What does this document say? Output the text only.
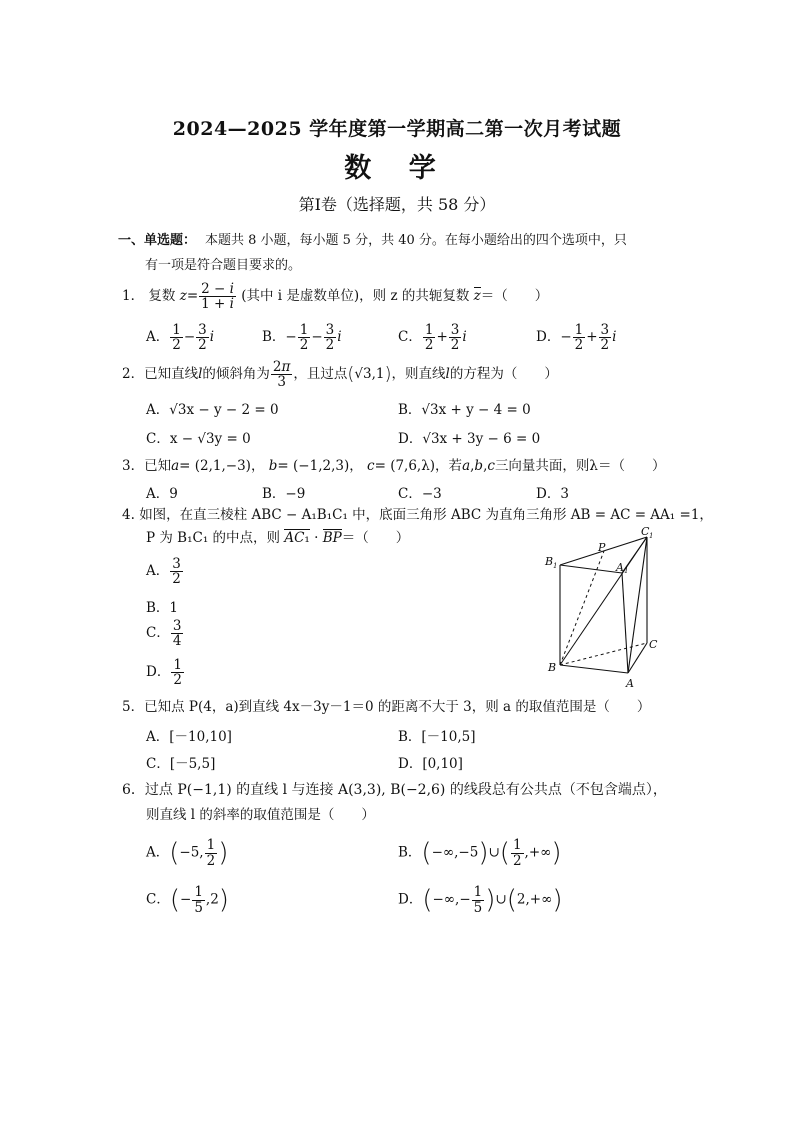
2024—2025 学年度第一学期高二第一次月考试题
数 学
第Ⅰ卷（选择题，共 58 分）
一、单选题： 本题共 8 小题，每小题 5 分，共 40 分。在每小题给出的四个选项中，只
有一项是符合题目要求的。
1． 复数 $z= \frac{2 - i}{1 + i}$ (其中 i 是虚数单位)，则 z 的共轭复数 z＝（　　）
A． $\frac{1}{2} - \frac{3}{2}$ i	B．− $\frac{1}{2} - \frac{3}{2}$ i	C． $\frac{1}{2} + \frac{3}{2}$ i	D．− $\frac{1}{2} + \frac{3}{2}$ i
2．已知直线l的倾斜角为 $\frac{2\pi}{3}$ ，且过点(√3,1)，则直线l的方程为（　　）
A．√3x − y − 2 = 0	B．√3x + y − 4 = 0
C．x − √3y = 0	D．√3x + 3y − 6 = 0
3．已知a= (2,1,−3)， b= (−1,2,3)， c= (7,6,λ)，若a,b,c三向量共面，则λ＝（　　）
A．9	B．−9	C．−3	D．3
4. 如图，在直三棱柱 ABC − A₁B₁C₁ 中，底面三角形 ABC 为直角三角形 AB = AC = AA₁ =1，
P 为 B₁C₁ 的中点，则 AC₁ · BP＝（　　）
A． $\frac{3}{2}$
B．1
C． $\frac{3}{4}$
D． $\frac{1}{2}$
B 1
P
C 1
A 1
B
C
A
5．已知点 P(4，a)到直线 4x－3y－1＝0 的距离不大于 3，则 a 的取值范围是（　　）
A．[－10,10]	B．[－10,5]
C．[－5,5]	D．[0,10]
6．过点 P(−1,1) 的直线 l 与连接 A(3,3), B(−2,6) 的线段总有公共点（不包含端点），
则直线 l 的斜率的取值范围是（　　）
A．(−5, $\frac{1}{2}$ )	B．(−∞,−5)∪( $\frac{1}{2}$ ,+∞)
C．(− $\frac{1}{5} ,2$)	D．(−∞,− $\frac{1}{5}$ )∪(2,+∞)
